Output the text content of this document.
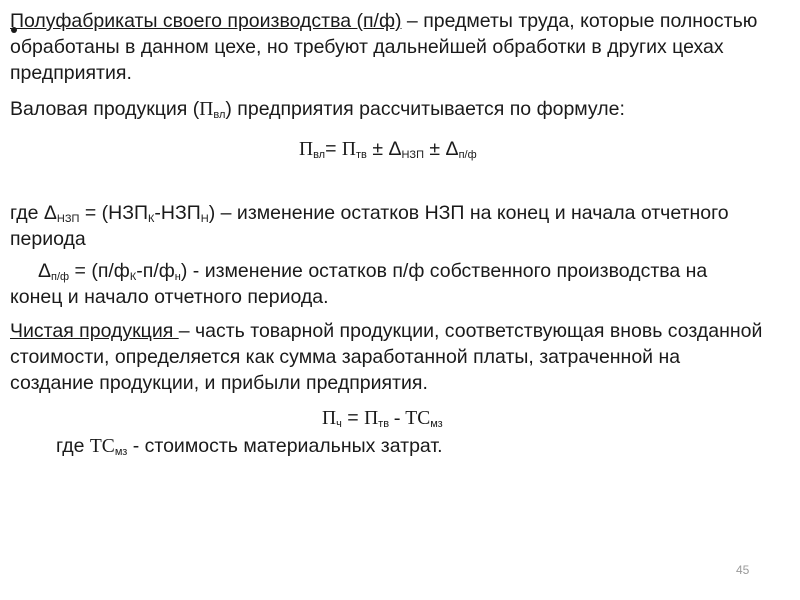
Полуфабрикаты своего производства (п/ф) – предметы труда, которые полностью
обработаны в данном цехе, но требуют дальнейшей обработки в других цехах
предприятия.
Валовая продукция $(П_{вл})$ предприятия рассчитывается по формуле:
$П_{вл}= П_{тв} \pm \Delta_{НЗП} \pm \Delta_{п/ф}$
где $\Delta_{НЗП} = (НЗП_К-НЗП_Н)$ – изменение остатков НЗП на конец и начала отчетного
периода
$\Delta_{п/ф} = (п/ф_К-п/ф_н)$ - изменение остатков п/ф собственного производства на
конец и начало отчетного периода.
Чистая продукция – часть товарной продукции, соответствующая вновь созданной
стоимости, определяется как сумма заработанной платы, затраченной на
создание продукции, и прибыли предприятия.
$П_ч = П_{тв} - ТС_{мз}$
где $ТС_{мз}$ - стоимость материальных затрат.
45
